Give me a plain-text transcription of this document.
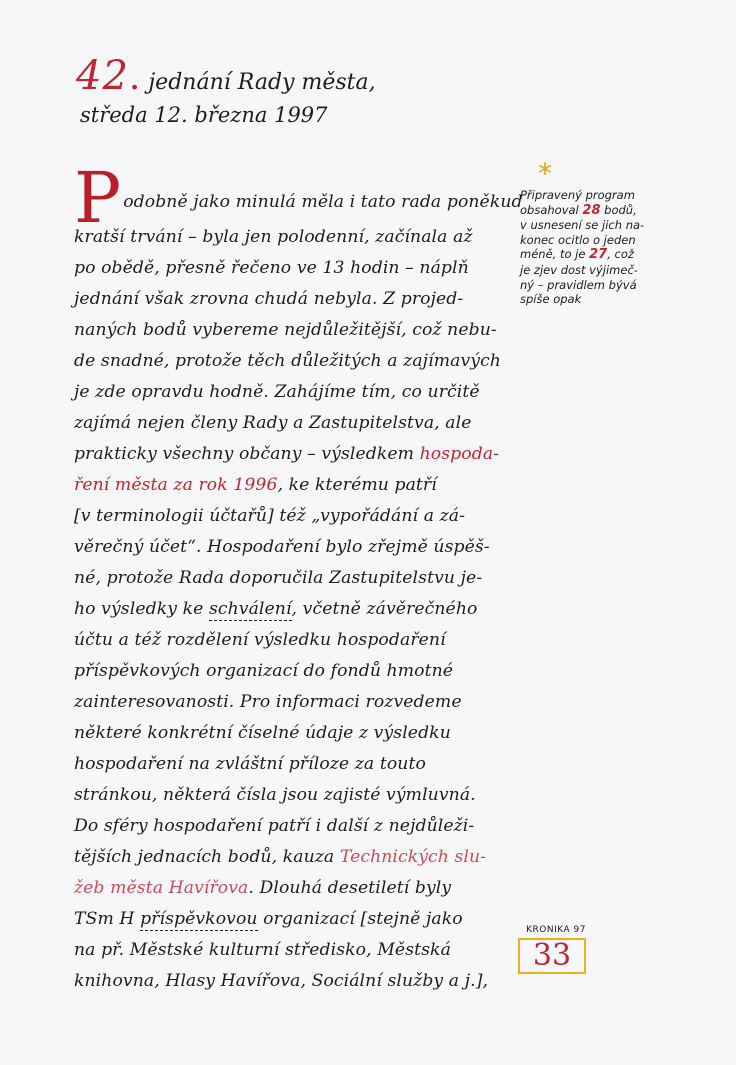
42 . jednání Rady města,
středa 12. března 1997
P odobně jako minulá měla i tato rada poněkud
kratší trvání – byla jen polodenní, začínala až
po obědě, přesně řečeno ve 13 hodin – náplň
jednání však zrovna chudá nebyla. Z projed-
naných bodů vybereme nejdůležitější, což nebu-
de snadné, protože těch důležitých a zajímavých
je zde opravdu hodně. Zahájíme tím, co určitě
zajímá nejen členy Rady a Zastupitelstva, ale
prakticky všechny občany – výsledkem hospoda-
ření města za rok 1996, ke kterému patří
[v terminologii účtařů] též „vypořádání a zá-
věrečný účet“. Hospodaření bylo zřejmě úspěš-
né, protože Rada doporučila Zastupitelstvu je-
ho výsledky ke schválení, včetně závěrečného
účtu a též rozdělení výsledku hospodaření
příspěvkových organizací do fondů hmotné
zainteresovanosti. Pro informaci rozvedeme
některé konkrétní číselné údaje z výsledku
hospodaření na zvláštní příloze za touto
stránkou, některá čísla jsou zajisté výmluvná.
Do sféry hospodaření patří i další z nejdůleži-
tějších jednacích bodů, kauza Technických slu-
žeb města Havířova. Dlouhá desetiletí byly
TSm H příspěvkovou organizací [stejně jako
na př. Městské kulturní středisko, Městská
knihovna, Hlasy Havířova, Sociální služby a j.],
*
Připravený program
obsahoval 28 bodů,
v usnesení se jich na-
konec ocitlo o jeden
méně, to je 27, což
je zjev dost výjimeč-
ný – pravidlem bývá
spíše opak
KRONIKA 97
33
